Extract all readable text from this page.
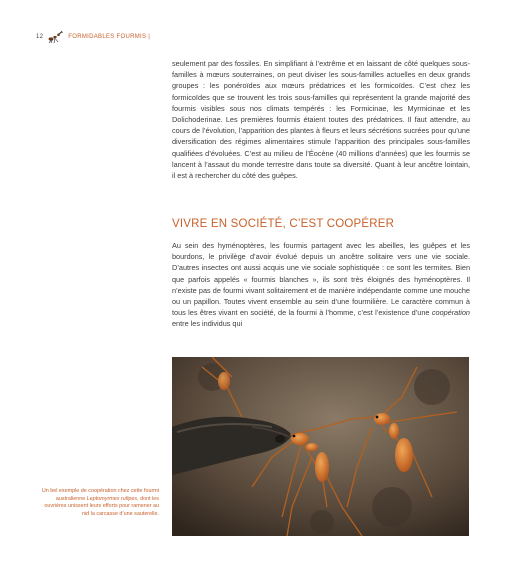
12	FORMIDABLES FOURMIS |

seulement par des fossiles. En simplifiant à l’extrême et en laissant de côté quelques sous-familles à mœurs souterraines, on peut diviser les sous-familles actuelles en deux grands groupes : les ponéroïdes aux mœurs prédatrices et les formicoïdes. C’est chez les formicoïdes que se trouvent les trois sous-familles qui représentent la grande majorité des fourmis visibles sous nos climats tempérés : les Formicinae, les Myrmicinae et les Dolichoderinae. Les premières fourmis étaient toutes des prédatrices. Il faut attendre, au cours de l’évolution, l’apparition des plantes à fleurs et leurs sécrétions sucrées pour qu’une diversification des régimes alimentaires stimule l’apparition des principales sous-familles qualifiées d’évoluées. C’est au milieu de l’Éocène (40 millions d’années) que les fourmis se lancent à l’assaut du monde terrestre dans toute sa diversité. Quant à leur ancêtre lointain, il est à rechercher du côté des guêpes.

VIVRE EN SOCIÉTÉ, C’EST COOPÉRER

Au sein des hyménoptères, les fourmis partagent avec les abeilles, les guêpes et les bourdons, le privilège d’avoir évolué depuis un ancêtre solitaire vers une vie sociale. D’autres insectes ont aussi acquis une vie sociale sophistiquée : ce sont les termites. Bien que parfois appelés « fourmis blanches », ils sont très éloignés des hyménoptères. Il n’existe pas de fourmi vivant solitairement et de manière indépendante comme une mouche ou un papillon. Toutes vivent ensemble au sein d’une fourmilière. Le caractère commun à tous les êtres vivant en société, de la fourmi à l’homme, c’est l’existence d’une coopération entre les individus qui

Un bel exemple de coopération chez cette fourmi australienne Leptomyrmex rufipes, dont les ouvrières unissent leurs efforts pour ramener au nid la carcasse d’une sauterelle.
